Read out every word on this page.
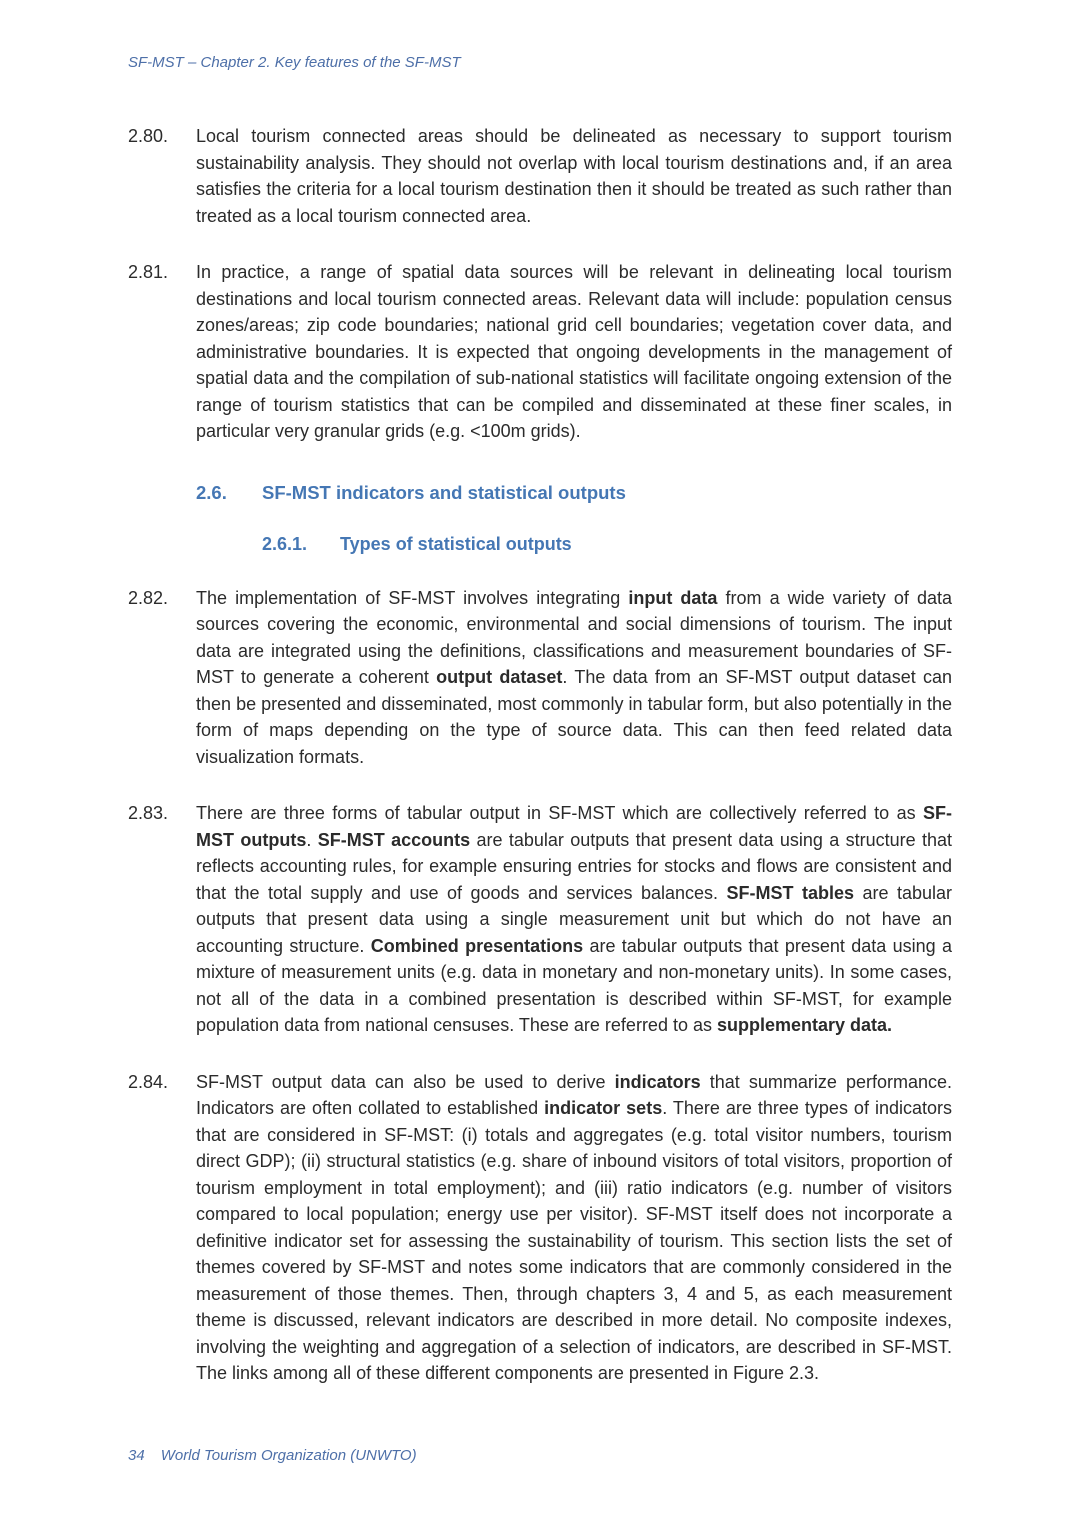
SF-MST – Chapter 2. Key features of the SF-MST
2.80.	Local tourism connected areas should be delineated as necessary to support tourism sustainability analysis. They should not overlap with local tourism destinations and, if an area satisfies the criteria for a local tourism destination then it should be treated as such rather than treated as a local tourism connected area.
2.81.	In practice, a range of spatial data sources will be relevant in delineating local tourism destinations and local tourism connected areas. Relevant data will include: population census zones/areas; zip code boundaries; national grid cell boundaries; vegetation cover data, and administrative boundaries. It is expected that ongoing developments in the management of spatial data and the compilation of sub-national statistics will facilitate ongoing extension of the range of tourism statistics that can be compiled and disseminated at these finer scales, in particular very granular grids (e.g. <100m grids).
2.6.	SF-MST indicators and statistical outputs
2.6.1.	Types of statistical outputs
2.82.	The implementation of SF-MST involves integrating input data from a wide variety of data sources covering the economic, environmental and social dimensions of tourism. The input data are integrated using the definitions, classifications and measurement boundaries of SF-MST to generate a coherent output dataset. The data from an SF-MST output dataset can then be presented and disseminated, most commonly in tabular form, but also potentially in the form of maps depending on the type of source data. This can then feed related data visualization formats.
2.83.	There are three forms of tabular output in SF-MST which are collectively referred to as SF-MST outputs. SF-MST accounts are tabular outputs that present data using a structure that reflects accounting rules, for example ensuring entries for stocks and flows are consistent and that the total supply and use of goods and services balances. SF-MST tables are tabular outputs that present data using a single measurement unit but which do not have an accounting structure. Combined presentations are tabular outputs that present data using a mixture of measurement units (e.g. data in monetary and non-monetary units). In some cases, not all of the data in a combined presentation is described within SF-MST, for example population data from national censuses. These are referred to as supplementary data.
2.84.	SF-MST output data can also be used to derive indicators that summarize performance. Indicators are often collated to established indicator sets. There are three types of indicators that are considered in SF-MST: (i) totals and aggregates (e.g. total visitor numbers, tourism direct GDP); (ii) structural statistics (e.g. share of inbound visitors of total visitors, proportion of tourism employment in total employment); and (iii) ratio indicators (e.g. number of visitors compared to local population; energy use per visitor). SF-MST itself does not incorporate a definitive indicator set for assessing the sustainability of tourism. This section lists the set of themes covered by SF-MST and notes some indicators that are commonly considered in the measurement of those themes. Then, through chapters 3, 4 and 5, as each measurement theme is discussed, relevant indicators are described in more detail. No composite indexes, involving the weighting and aggregation of a selection of indicators, are described in SF-MST. The links among all of these different components are presented in Figure 2.3.
34 World Tourism Organization (UNWTO)
